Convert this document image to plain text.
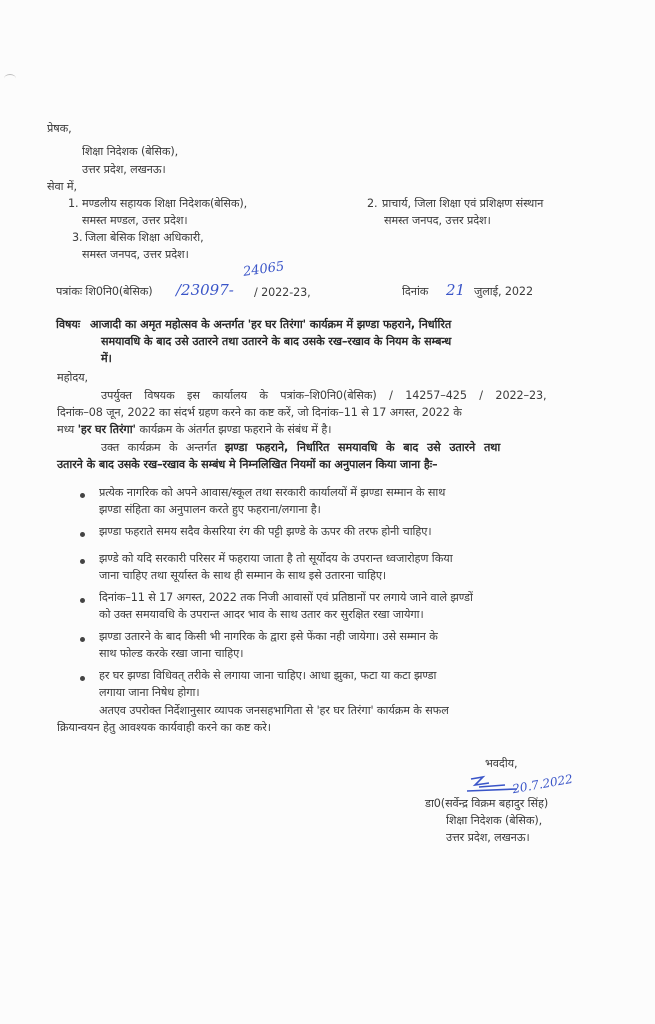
प्रेषक,
शिक्षा निदेशक (बेसिक),
उत्तर प्रदेश, लखनऊ।
सेवा में,
1. मण्डलीय सहायक शिक्षा निदेशक(बेसिक),
समस्त मण्डल, उत्तर प्रदेश।
2. प्राचार्य, जिला शिक्षा एवं प्रशिक्षण संस्थान
समस्त जनपद, उत्तर प्रदेश।
3. जिला बेसिक शिक्षा अधिकारी,
समस्त जनपद, उत्तर प्रदेश।
पत्रांकः शि0नि0(बेसिक) /23097-
24065
/ 2022-23,	दिनांक 21 जुलाई, 2022
विषयः आजादी का अमृत महोत्सव के अन्तर्गत 'हर घर तिरंगा' कार्यक्रम में झण्डा फहराने, निर्धारित
समयावधि के बाद उसे उतारने तथा उतारने के बाद उसके रख–रखाव के नियम के सम्बन्ध
में।
महोदय,
उपर्युक्त विषयक इस कार्यालय के पत्रांक–शि0नि0(बेसिक) / 14257–425 / 2022–23,
दिनांक–08 जून, 2022 का संदर्भ ग्रहण करने का कष्ट करें, जो दिनांक–11 से 17 अगस्त, 2022 के
मध्य 'हर घर तिरंगा' कार्यक्रम के अंतर्गत झण्डा फहराने के संबंध में है।
उक्त कार्यक्रम के अन्तर्गत झण्डा फहराने, निर्धारित समयावधि के बाद उसे उतारने तथा
उतारने के बाद उसके रख–रखाव के सम्बंध मे निम्नलिखित नियमों का अनुपालन किया जाना हैः–
प्रत्येक नागरिक को अपने आवास/स्कूल तथा सरकारी कार्यालयों में झण्डा सम्मान के साथ
झण्डा संहिता का अनुपालन करते हुए फहराना/लगाना है।
झण्डा फहराते समय सदैव केसरिया रंग की पट्टी झण्डे के ऊपर की तरफ होनी चाहिए।
झण्डे को यदि सरकारी परिसर में फहराया जाता है तो सूर्योदय के उपरान्त ध्वजारोहण किया
जाना चाहिए तथा सूर्यास्त के साथ ही सम्मान के साथ इसे उतारना चाहिए।
दिनांक–11 से 17 अगस्त, 2022 तक निजी आवासों एवं प्रतिष्ठानों पर लगाये जाने वाले झण्डों
को उक्त समयावधि के उपरान्त आदर भाव के साथ उतार कर सुरक्षित रखा जायेगा।
झण्डा उतारने के बाद किसी भी नागरिक के द्वारा इसे फेंका नही जायेगा। उसे सम्मान के
साथ फोल्ड करके रखा जाना चाहिए।
हर घर झण्डा विधिवत् तरीके से लगाया जाना चाहिए। आधा झुका, फटा या कटा झण्डा
लगाया जाना निषेध होगा।
अतएव उपरोक्त निर्देशानुसार व्यापक जनसहभागिता से 'हर घर तिरंगा' कार्यक्रम के सफल
क्रियान्वयन हेतु आवश्यक कार्यवाही करने का कष्ट करे।
भवदीय,
20.7.2022
डा0(सर्वेन्द्र विक्रम बहादुर सिंह)
शिक्षा निदेशक (बेसिक),
उत्तर प्रदेश, लखनऊ।
